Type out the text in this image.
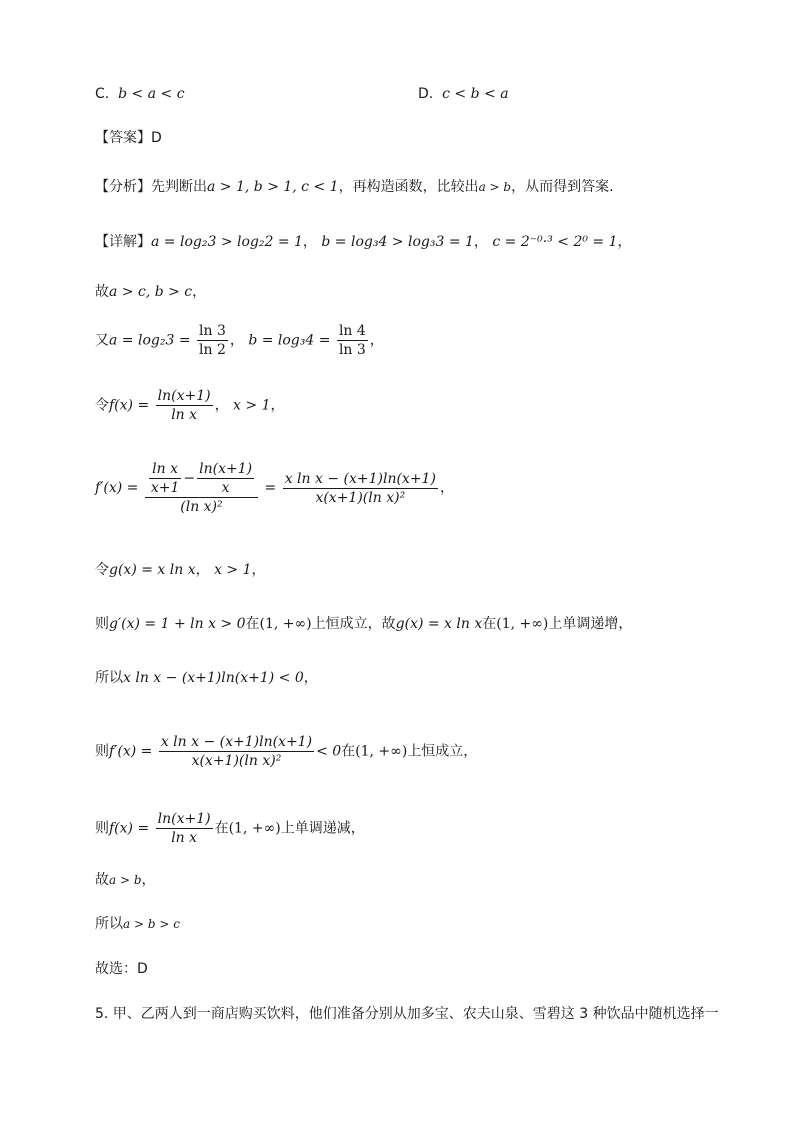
C. b < a < c	D. c < b < a
【答案】D
【分析】先判断出a > 1, b > 1, c < 1，再构造函数，比较出a > b，从而得到答案.
【详解】a = log₂3 > log₂2 = 1， b = log₃4 > log₃3 = 1， c = 2⁻⁰·³ < 2⁰ = 1，
故a > c, b > c，
又$a = \log_23 = \frac{\ln 3}{\ln 2}$ ， $b = \log_34 = \frac{\ln 4}{\ln 3}$ ，
令$f(x) = \frac{\ln(x+1)}{\text{ln x}}$ ， x > 1，
$f'(x) = \frac{\frac{\text{ln x}}{x+1} - \frac{\ln(x+1)}{x}}{\text{(ln x)²}} = \frac{\text{x ln x − (x+1)ln(x+1)}}{\text{x(x+1)(ln x)²}}$ ，
令g(x) = x ln x， x > 1，
则g′(x) = 1 + ln x > 0在(1, +∞)上恒成立，故g(x) = x ln x在(1, +∞)上单调递增，
所以x ln x − (x+1)ln(x+1) < 0，
则$f'(x) = \frac{\text{x ln x − (x+1)ln(x+1)}}{\text{x(x+1)(ln x)²}} < 0$在(1, +∞)上恒成立，
则$f(x) = \frac{\ln(x+1)}{\text{ln x}}$ 在(1, +∞)上单调递减，
故a > b，
所以a > b > c
故选：D
5. 甲、乙两人到一商店购买饮料，他们准备分别从加多宝、农夫山泉、雪碧这 3 种饮品中随机选择一
